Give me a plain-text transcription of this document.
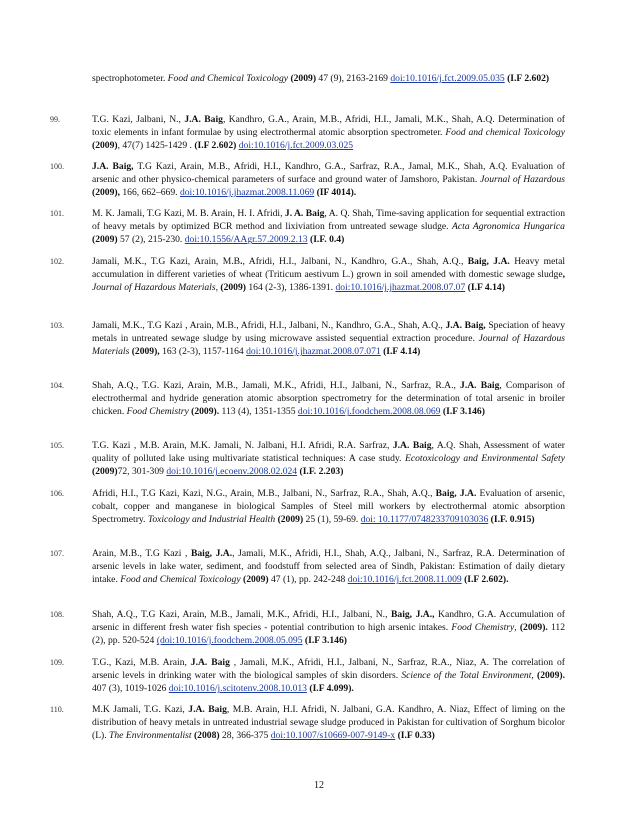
spectrophotometer. Food and Chemical Toxicology (2009) 47 (9), 2163-2169 doi:10.1016/j.fct.2009.05.035 (I.F 2.602)
99.	T.G. Kazi, Jalbani, N., J.A. Baig, Kandhro, G.A., Arain, M.B., Afridi, H.I., Jamali, M.K., Shah, A.Q. Determination of toxic elements in infant formulae by using electrothermal atomic absorption spectrometer. Food and chemical Toxicology (2009), 47(7) 1425-1429 . (I.F 2.602) doi:10.1016/j.fct.2009.03.025
100.	J.A. Baig, T.G Kazi, Arain, M.B., Afridi, H.I., Kandhro, G.A., Sarfraz, R.A., Jamal, M.K., Shah, A.Q. Evaluation of arsenic and other physico-chemical parameters of surface and ground water of Jamshoro, Pakistan. Journal of Hazardous (2009), 166, 662–669. doi:10.1016/j.jhazmat.2008.11.069 (IF 4014).
101.	M. K. Jamali, T.G Kazi, M. B. Arain, H. I. Afridi, J. A. Baig, A. Q. Shah, Time-saving application for sequential extraction of heavy metals by optimized BCR method and lixiviation from untreated sewage sludge. Acta Agronomica Hungarica (2009) 57 (2), 215-230. doi:10.1556/AAgr.57.2009.2.13 (I.F. 0.4)
102.	Jamali, M.K., T.G Kazi, Arain, M.B., Afridi, H.I., Jalbani, N., Kandhro, G.A., Shah, A.Q., Baig, J.A. Heavy metal accumulation in different varieties of wheat (Triticum aestivum L.) grown in soil amended with domestic sewage sludge, Journal of Hazardous Materials, (2009) 164 (2-3), 1386-1391. doi:10.1016/j.jhazmat.2008.07.07 (I.F 4.14)
103.	Jamali, M.K., T.G Kazi , Arain, M.B., Afridi, H.I., Jalbani, N., Kandhro, G.A., Shah, A.Q., J.A. Baig, Speciation of heavy metals in untreated sewage sludge by using microwave assisted sequential extraction procedure. Journal of Hazardous Materials (2009), 163 (2-3), 1157-1164 doi:10.1016/j.jhazmat.2008.07.071 (I.F 4.14)
104.	Shah, A.Q., T.G. Kazi, Arain, M.B., Jamali, M.K., Afridi, H.I., Jalbani, N., Sarfraz, R.A., J.A. Baig, Comparison of electrothermal and hydride generation atomic absorption spectrometry for the determination of total arsenic in broiler chicken. Food Chemistry (2009). 113 (4), 1351-1355 doi:10.1016/j.foodchem.2008.08.069 (I.F 3.146)
105.	T.G. Kazi , M.B. Arain, M.K. Jamali, N. Jalbani, H.I. Afridi, R.A. Sarfraz, J.A. Baig, A.Q. Shah, Assessment of water quality of polluted lake using multivariate statistical techniques: A case study. Ecotoxicology and Environmental Safety (2009)72, 301-309 doi:10.1016/j.ecoenv.2008.02.024 (I.F. 2.203)
106.	Afridi, H.I., T.G Kazi, Kazi, N.G., Arain, M.B., Jalbani, N., Sarfraz, R.A., Shah, A.Q., Baig, J.A. Evaluation of arsenic, cobalt, copper and manganese in biological Samples of Steel mill workers by electrothermal atomic absorption Spectrometry. Toxicology and Industrial Health (2009) 25 (1), 59-69. doi: 10.1177/0748233709103036 (I.F. 0.915)
107.	Arain, M.B., T.G Kazi , Baig, J.A., Jamali, M.K., Afridi, H.I., Shah, A.Q., Jalbani, N., Sarfraz, R.A. Determination of arsenic levels in lake water, sediment, and foodstuff from selected area of Sindh, Pakistan: Estimation of daily dietary intake. Food and Chemical Toxicology (2009) 47 (1), pp. 242-248 doi:10.1016/j.fct.2008.11.009 (I.F 2.602).
108.	Shah, A.Q., T.G Kazi, Arain, M.B., Jamali, M.K., Afridi, H.I., Jalbani, N., Baig, J.A., Kandhro, G.A. Accumulation of arsenic in different fresh water fish species - potential contribution to high arsenic intakes. Food Chemistry, (2009). 112 (2), pp. 520-524 (doi:10.1016/j.foodchem.2008.05.095 (I.F 3.146)
109.	T.G., Kazi, M.B. Arain, J.A. Baig , Jamali, M.K., Afridi, H.I., Jalbani, N., Sarfraz, R.A., Niaz, A. The correlation of arsenic levels in drinking water with the biological samples of skin disorders. Science of the Total Environment, (2009). 407 (3), 1019-1026 doi:10.1016/j.scitotenv.2008.10.013 (I.F 4.099).
110.	M.K Jamali, T.G. Kazi, J.A. Baig, M.B. Arain, H.I. Afridi, N. Jalbani, G.A. Kandhro, A. Niaz, Effect of liming on the distribution of heavy metals in untreated industrial sewage sludge produced in Pakistan for cultivation of Sorghum bicolor (L). The Environmentalist (2008) 28, 366-375 doi:10.1007/s10669-007-9149-x (I.F 0.33)
12
